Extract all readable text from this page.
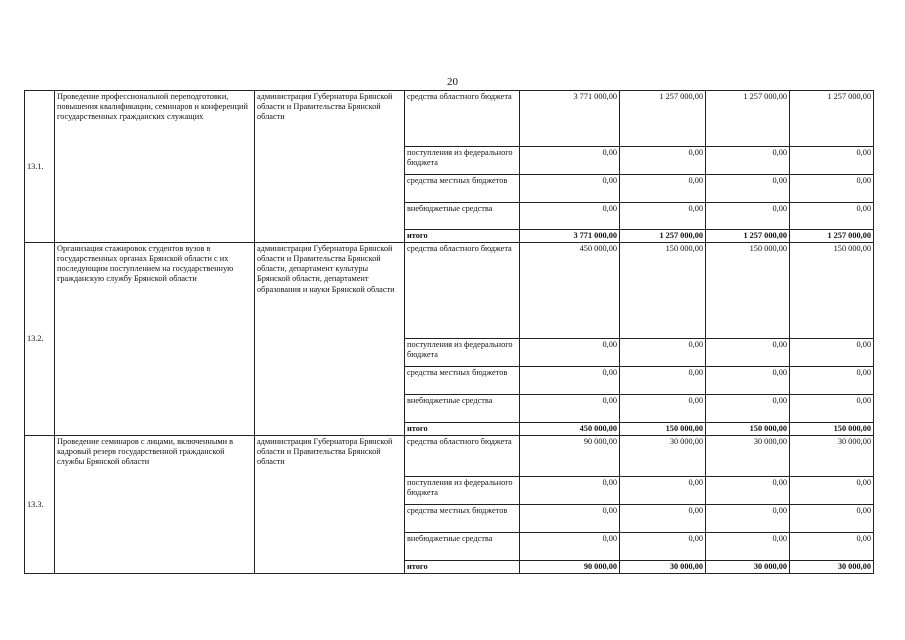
20
13.1.	Проведение профессиональной переподготовки, повышения квалификации, семинаров и конференций государственных гражданских служащих	администрация Губернатора Брянской области и Правительства Брянской области	средства областного бюджета	3 771 000,00	1 257 000,00	1 257 000,00	1 257 000,00
			поступления из федерального бюджета	0,00	0,00	0,00	0,00
			средства местных бюджетов	0,00	0,00	0,00	0,00
			внебюджетные средства	0,00	0,00	0,00	0,00
			итого	3 771 000,00	1 257 000,00	1 257 000,00	1 257 000,00
13.2.	Организация стажировок студентов вузов в государственных органах Брянской области с их последующим поступлением на государственную гражданскую службу Брянской области	администрация Губернатора Брянской области и Правительства Брянской области, департамент культуры Брянской области, департамент образования и науки Брянской области	средства областного бюджета	450 000,00	150 000,00	150 000,00	150 000,00
			поступления из федерального бюджета	0,00	0,00	0,00	0,00
			средства местных бюджетов	0,00	0,00	0,00	0,00
			внебюджетные средства	0,00	0,00	0,00	0,00
			итого	450 000,00	150 000,00	150 000,00	150 000,00
13.3.	Проведение семинаров с лицами, включенными в кадровый резерв государственной гражданской службы Брянской области	администрация Губернатора Брянской области и Правительства Брянской области	средства областного бюджета	90 000,00	30 000,00	30 000,00	30 000,00
			поступления из федерального бюджета	0,00	0,00	0,00	0,00
			средства местных бюджетов	0,00	0,00	0,00	0,00
			внебюджетные средства	0,00	0,00	0,00	0,00
			итого	90 000,00	30 000,00	30 000,00	30 000,00
